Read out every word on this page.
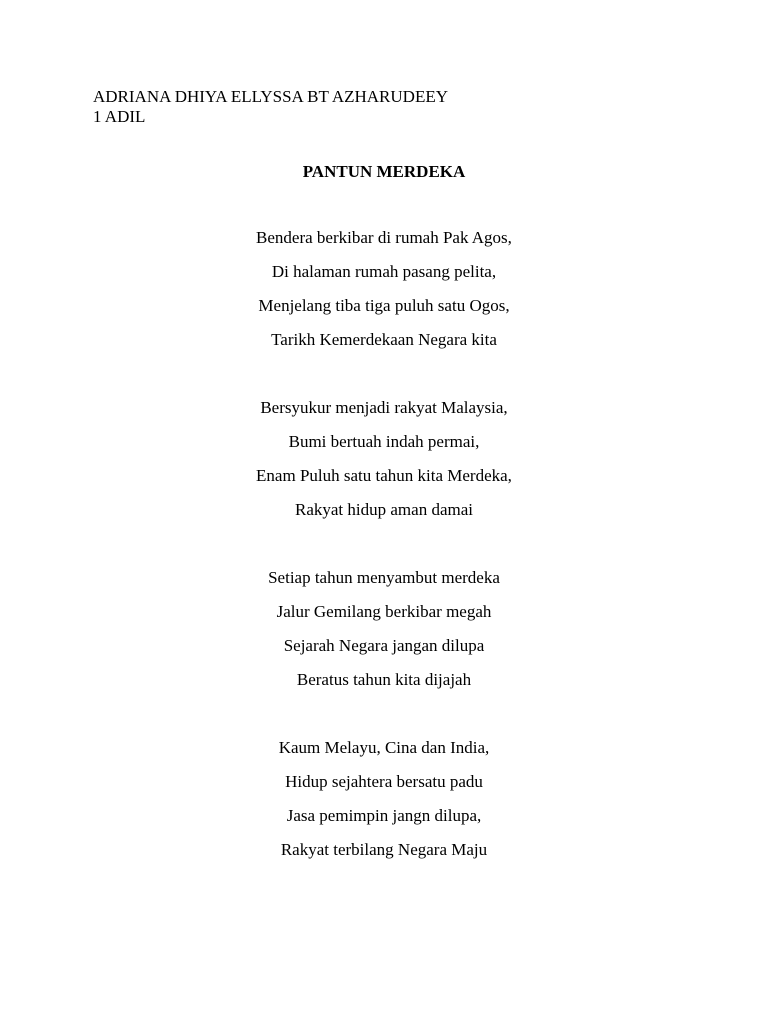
ADRIANA DHIYA ELLYSSA BT AZHARUDEEY
1 ADIL
PANTUN MERDEKA
Bendera berkibar di rumah Pak Agos,
Di halaman rumah pasang pelita,
Menjelang tiba tiga puluh satu Ogos,
Tarikh Kemerdekaan Negara kita
Bersyukur menjadi rakyat Malaysia,
Bumi bertuah indah permai,
Enam Puluh satu tahun kita Merdeka,
Rakyat hidup aman damai
Setiap tahun menyambut merdeka
Jalur Gemilang berkibar megah
Sejarah Negara jangan dilupa
Beratus tahun kita dijajah
Kaum Melayu, Cina dan India,
Hidup sejahtera bersatu padu
Jasa pemimpin jangn dilupa,
Rakyat terbilang Negara Maju
